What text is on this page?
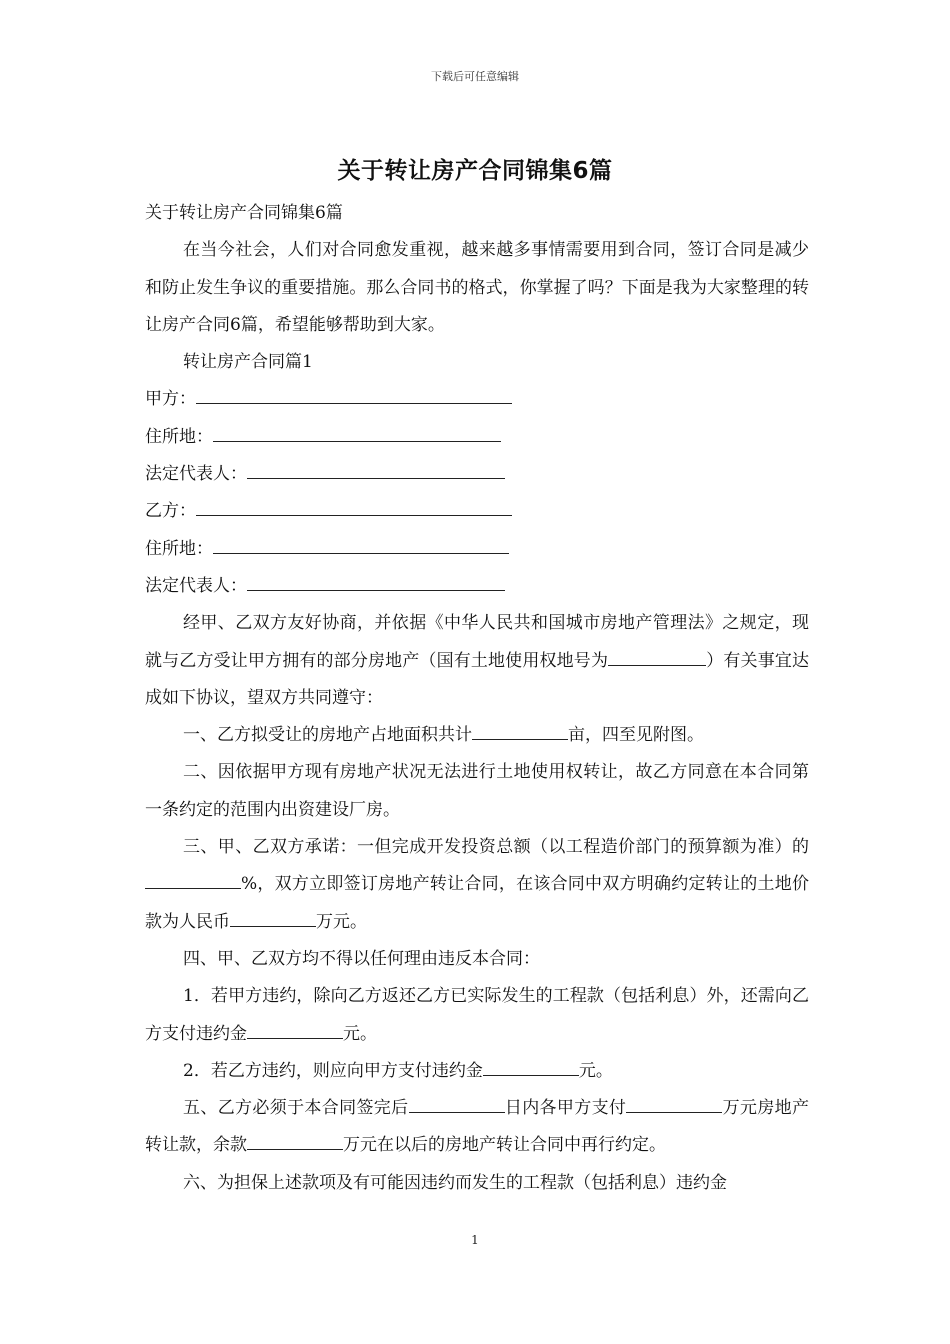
下载后可任意编辑
关于转让房产合同锦集6篇

关于转让房产合同锦集6篇

在当今社会，人们对合同愈发重视，越来越多事情需要用到合同，签订合同是减少和防止发生争议的重要措施。那么合同书的格式，你掌握了吗？下面是我为大家整理的转让房产合同6篇，希望能够帮助到大家。

转让房产合同篇1

甲方：

住所地：

法定代表人：

乙方：

住所地：

法定代表人：

经甲、乙双方友好协商，并依据《中华人民共和国城市房地产管理法》之规定，现就与乙方受让甲方拥有的部分房地产（国有土地使用权地号为	）有关事宜达成如下协议，望双方共同遵守：

一、乙方拟受让的房地产占地面积共计	亩，四至见附图。

二、因依据甲方现有房地产状况无法进行土地使用权转让，故乙方同意在本合同第一条约定的范围内出资建设厂房。

三、甲、乙双方承诺：一但完成开发投资总额（以工程造价部门的预算额为准）的%，双方立即签订房地产转让合同，在该合同中双方明确约定转让的土地价款为人民币	万元。

四、甲、乙双方均不得以任何理由违反本合同：

1．若甲方违约，除向乙方返还乙方已实际发生的工程款（包括利息）外，还需向乙方支付违约金	元。

2．若乙方违约，则应向甲方支付违约金	元。

五、乙方必须于本合同签完后	日内各甲方支付	万元房地产转让款，余款	万元在以后的房地产转让合同中再行约定。

六、为担保上述款项及有可能因违约而发生的工程款（包括利息）违约金

1
